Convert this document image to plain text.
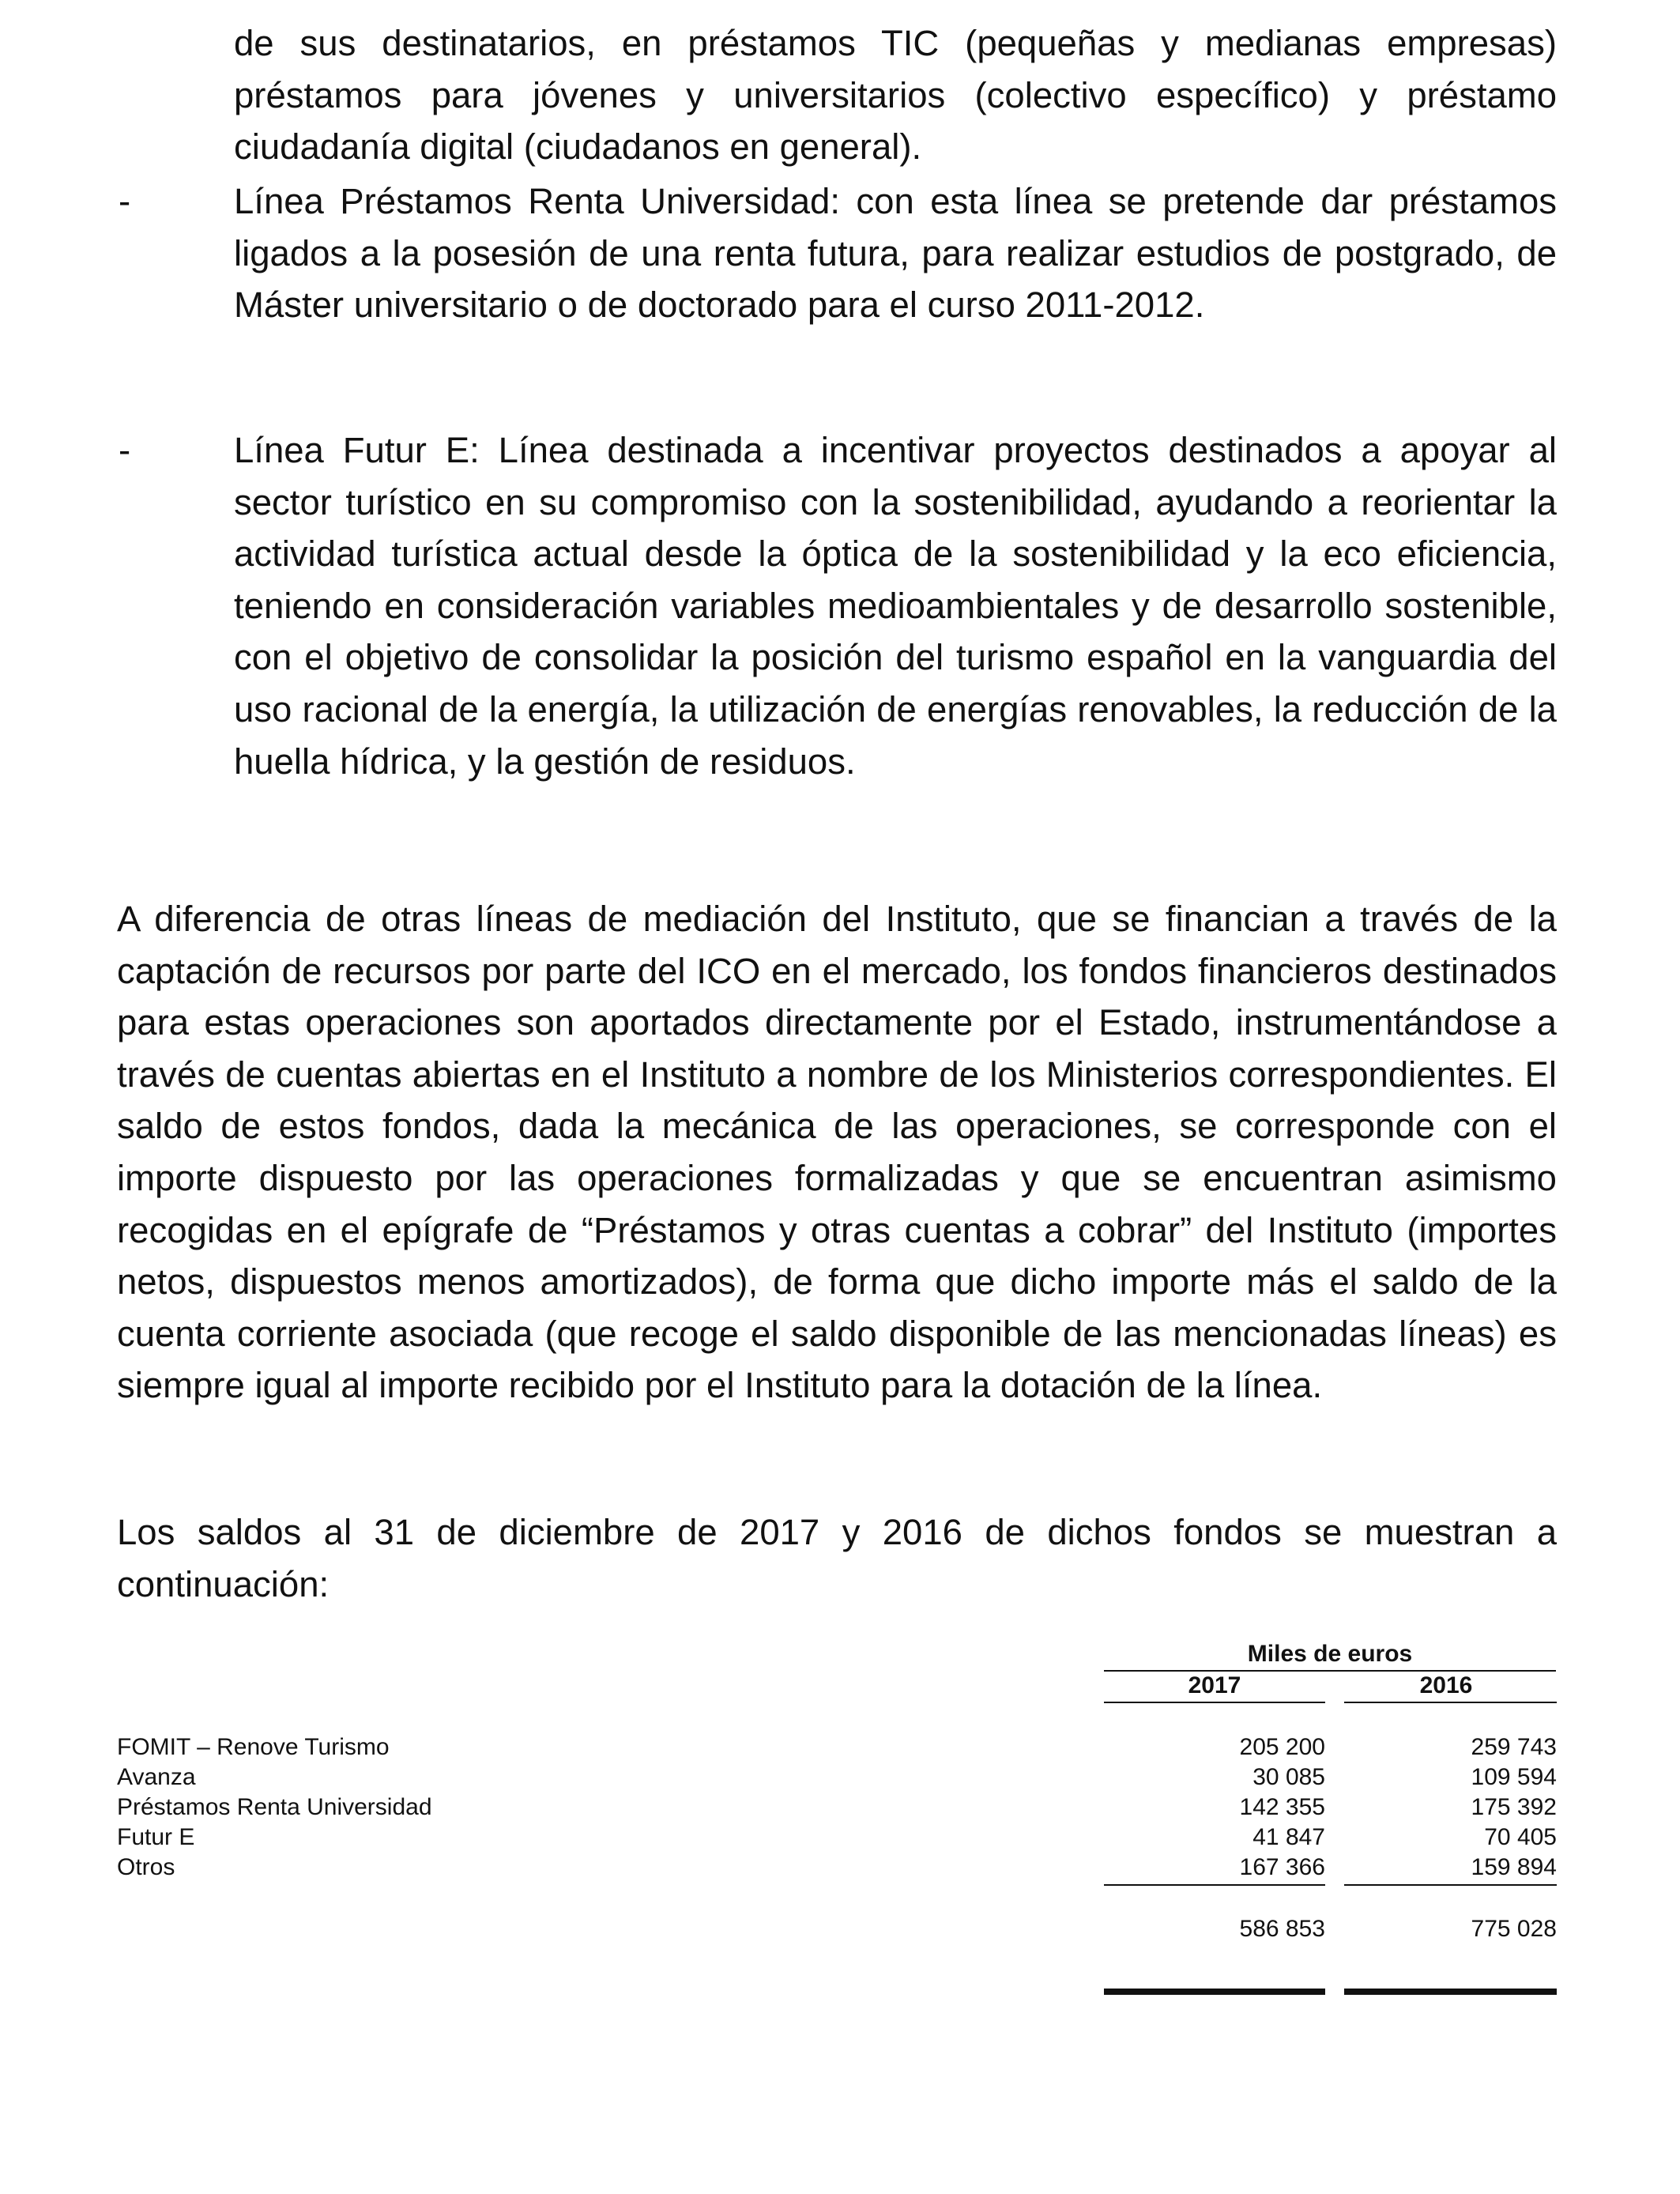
de sus destinatarios, en préstamos TIC (pequeñas y medianas empresas) préstamos para jóvenes y universitarios (colectivo específico) y préstamo ciudadanía digital (ciudadanos en general).

-	Línea Préstamos Renta Universidad: con esta línea se pretende dar préstamos ligados a la posesión de una renta futura, para realizar estudios de postgrado, de Máster universitario o de doctorado para el curso 2011-2012.

-	Línea Futur E: Línea destinada a incentivar proyectos destinados a apoyar al sector turístico en su compromiso con la sostenibilidad, ayudando a reorientar la actividad turística actual desde la óptica de la sostenibilidad y la eco eficiencia, teniendo en consideración variables medioambientales y de desarrollo sostenible, con el objetivo de consolidar la posición del turismo español en la vanguardia del uso racional de la energía, la utilización de energías renovables, la reducción de la huella hídrica, y la gestión de residuos.

A diferencia de otras líneas de mediación del Instituto, que se financian a través de la captación de recursos por parte del ICO en el mercado, los fondos financieros destinados para estas operaciones son aportados directamente por el Estado, instrumentándose a través de cuentas abiertas en el Instituto a nombre de los Ministerios correspondientes. El saldo de estos fondos, dada la mecánica de las operaciones, se corresponde con el importe dispuesto por las operaciones formalizadas y que se encuentran asimismo recogidas en el epígrafe de “Préstamos y otras cuentas a cobrar” del Instituto (importes netos, dispuestos menos amortizados), de forma que dicho importe más el saldo de la cuenta corriente asociada (que recoge el saldo disponible de las mencionadas líneas) es siempre igual al importe recibido por el Instituto para la dotación de la línea.

Los saldos al 31 de diciembre de 2017 y 2016 de dichos fondos se muestran a continuación:

Miles de euros
2017	2016
FOMIT – Renove Turismo	205 200	259 743
Avanza	30 085	109 594
Préstamos Renta Universidad	142 355	175 392
Futur E	41 847	70 405
Otros	167 366	159 894
586 853	775 028
